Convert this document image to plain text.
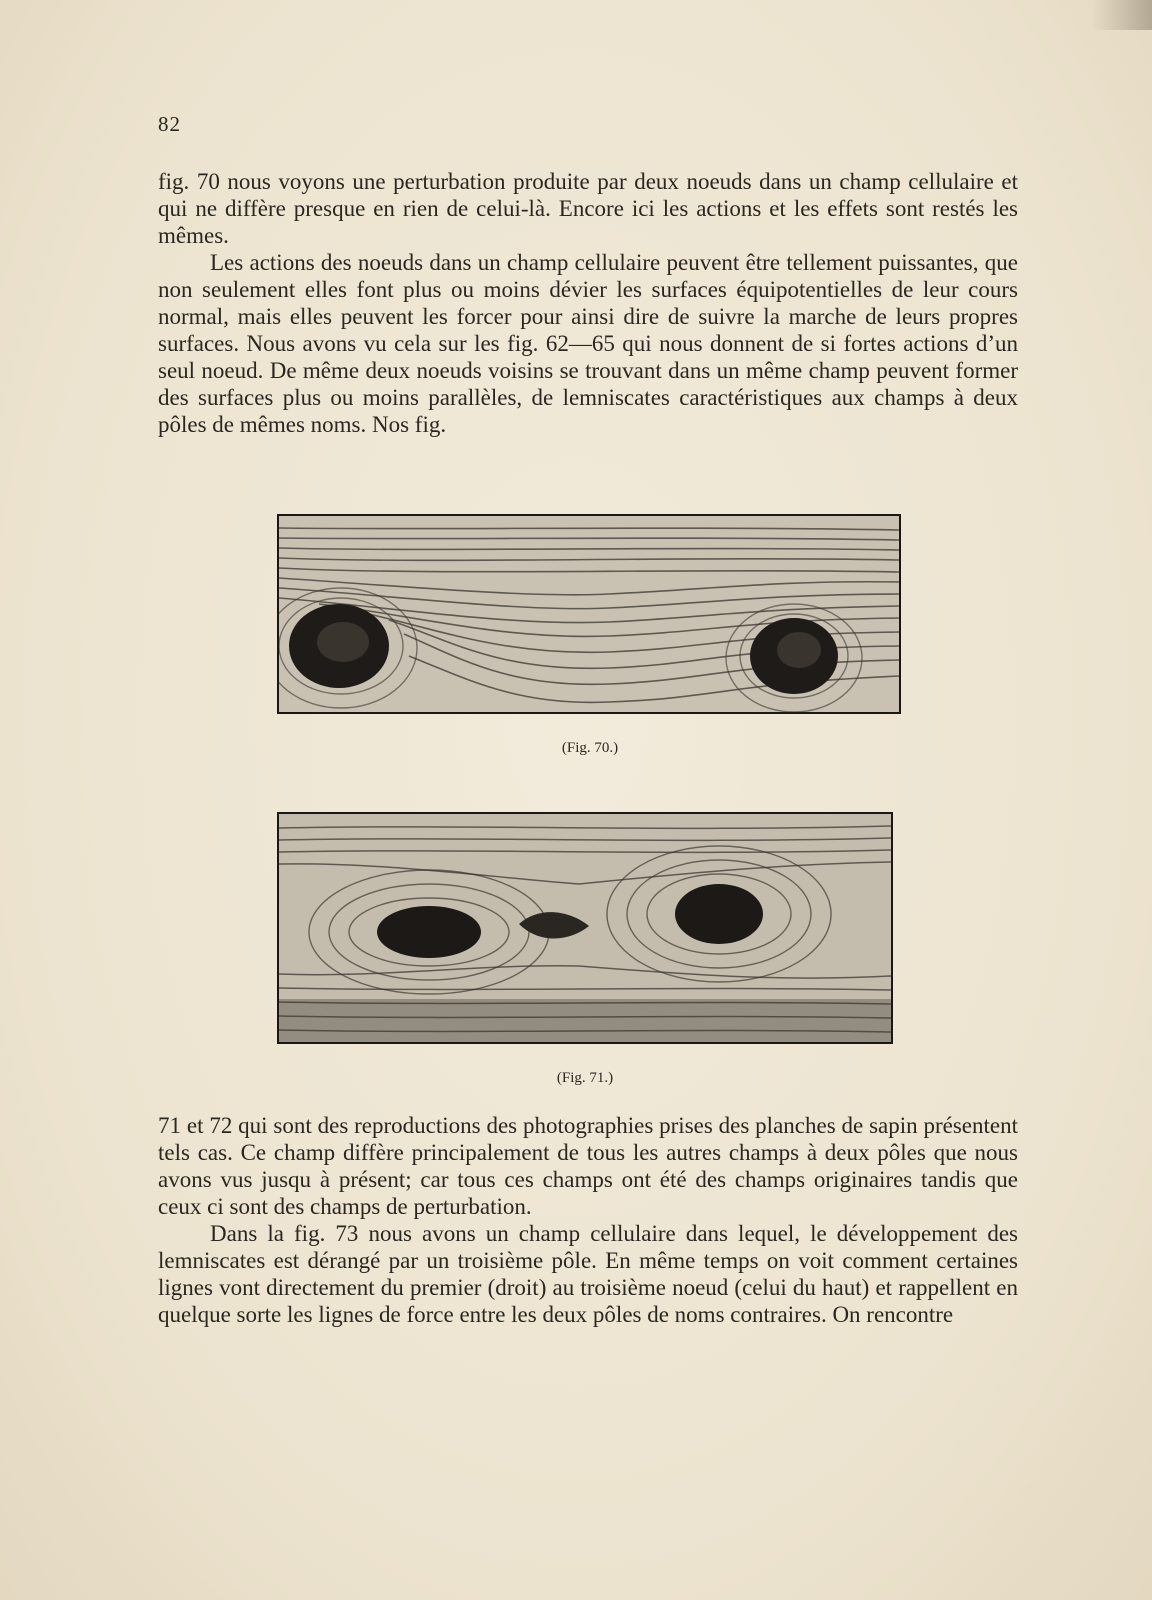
82

fig. 70 nous voyons une perturbation produite par deux noeuds dans un champ cellulaire et qui ne diffère presque en rien de celui-là. Encore ici les actions et les effets sont restés les mêmes.

Les actions des noeuds dans un champ cellulaire peuvent être tellement puissantes, que non seulement elles font plus ou moins dévier les surfaces équipotentielles de leur cours normal, mais elles peuvent les forcer pour ainsi dire de suivre la marche de leurs propres surfaces. Nous avons vu cela sur les fig. 62—65 qui nous donnent de si fortes actions d’un seul noeud. De même deux noeuds voisins se trouvant dans un même champ peuvent former des surfaces plus ou moins parallèles, de lemniscates caractéristiques aux champs à deux pôles de mêmes noms. Nos fig.

(Fig. 70.)
(Fig. 71.)

71 et 72 qui sont des reproductions des photographies prises des planches de sapin présentent tels cas. Ce champ diffère principalement de tous les autres champs à deux pôles que nous avons vus jusqu à présent; car tous ces champs ont été des champs originaires tandis que ceux ci sont des champs de perturbation.

Dans la fig. 73 nous avons un champ cellulaire dans lequel, le développement des lemniscates est dérangé par un troisième pôle. En même temps on voit comment certaines lignes vont directement du premier (droit) au troisième noeud (celui du haut) et rappellent en quelque sorte les lignes de force entre les deux pôles de noms contraires. On rencontre
